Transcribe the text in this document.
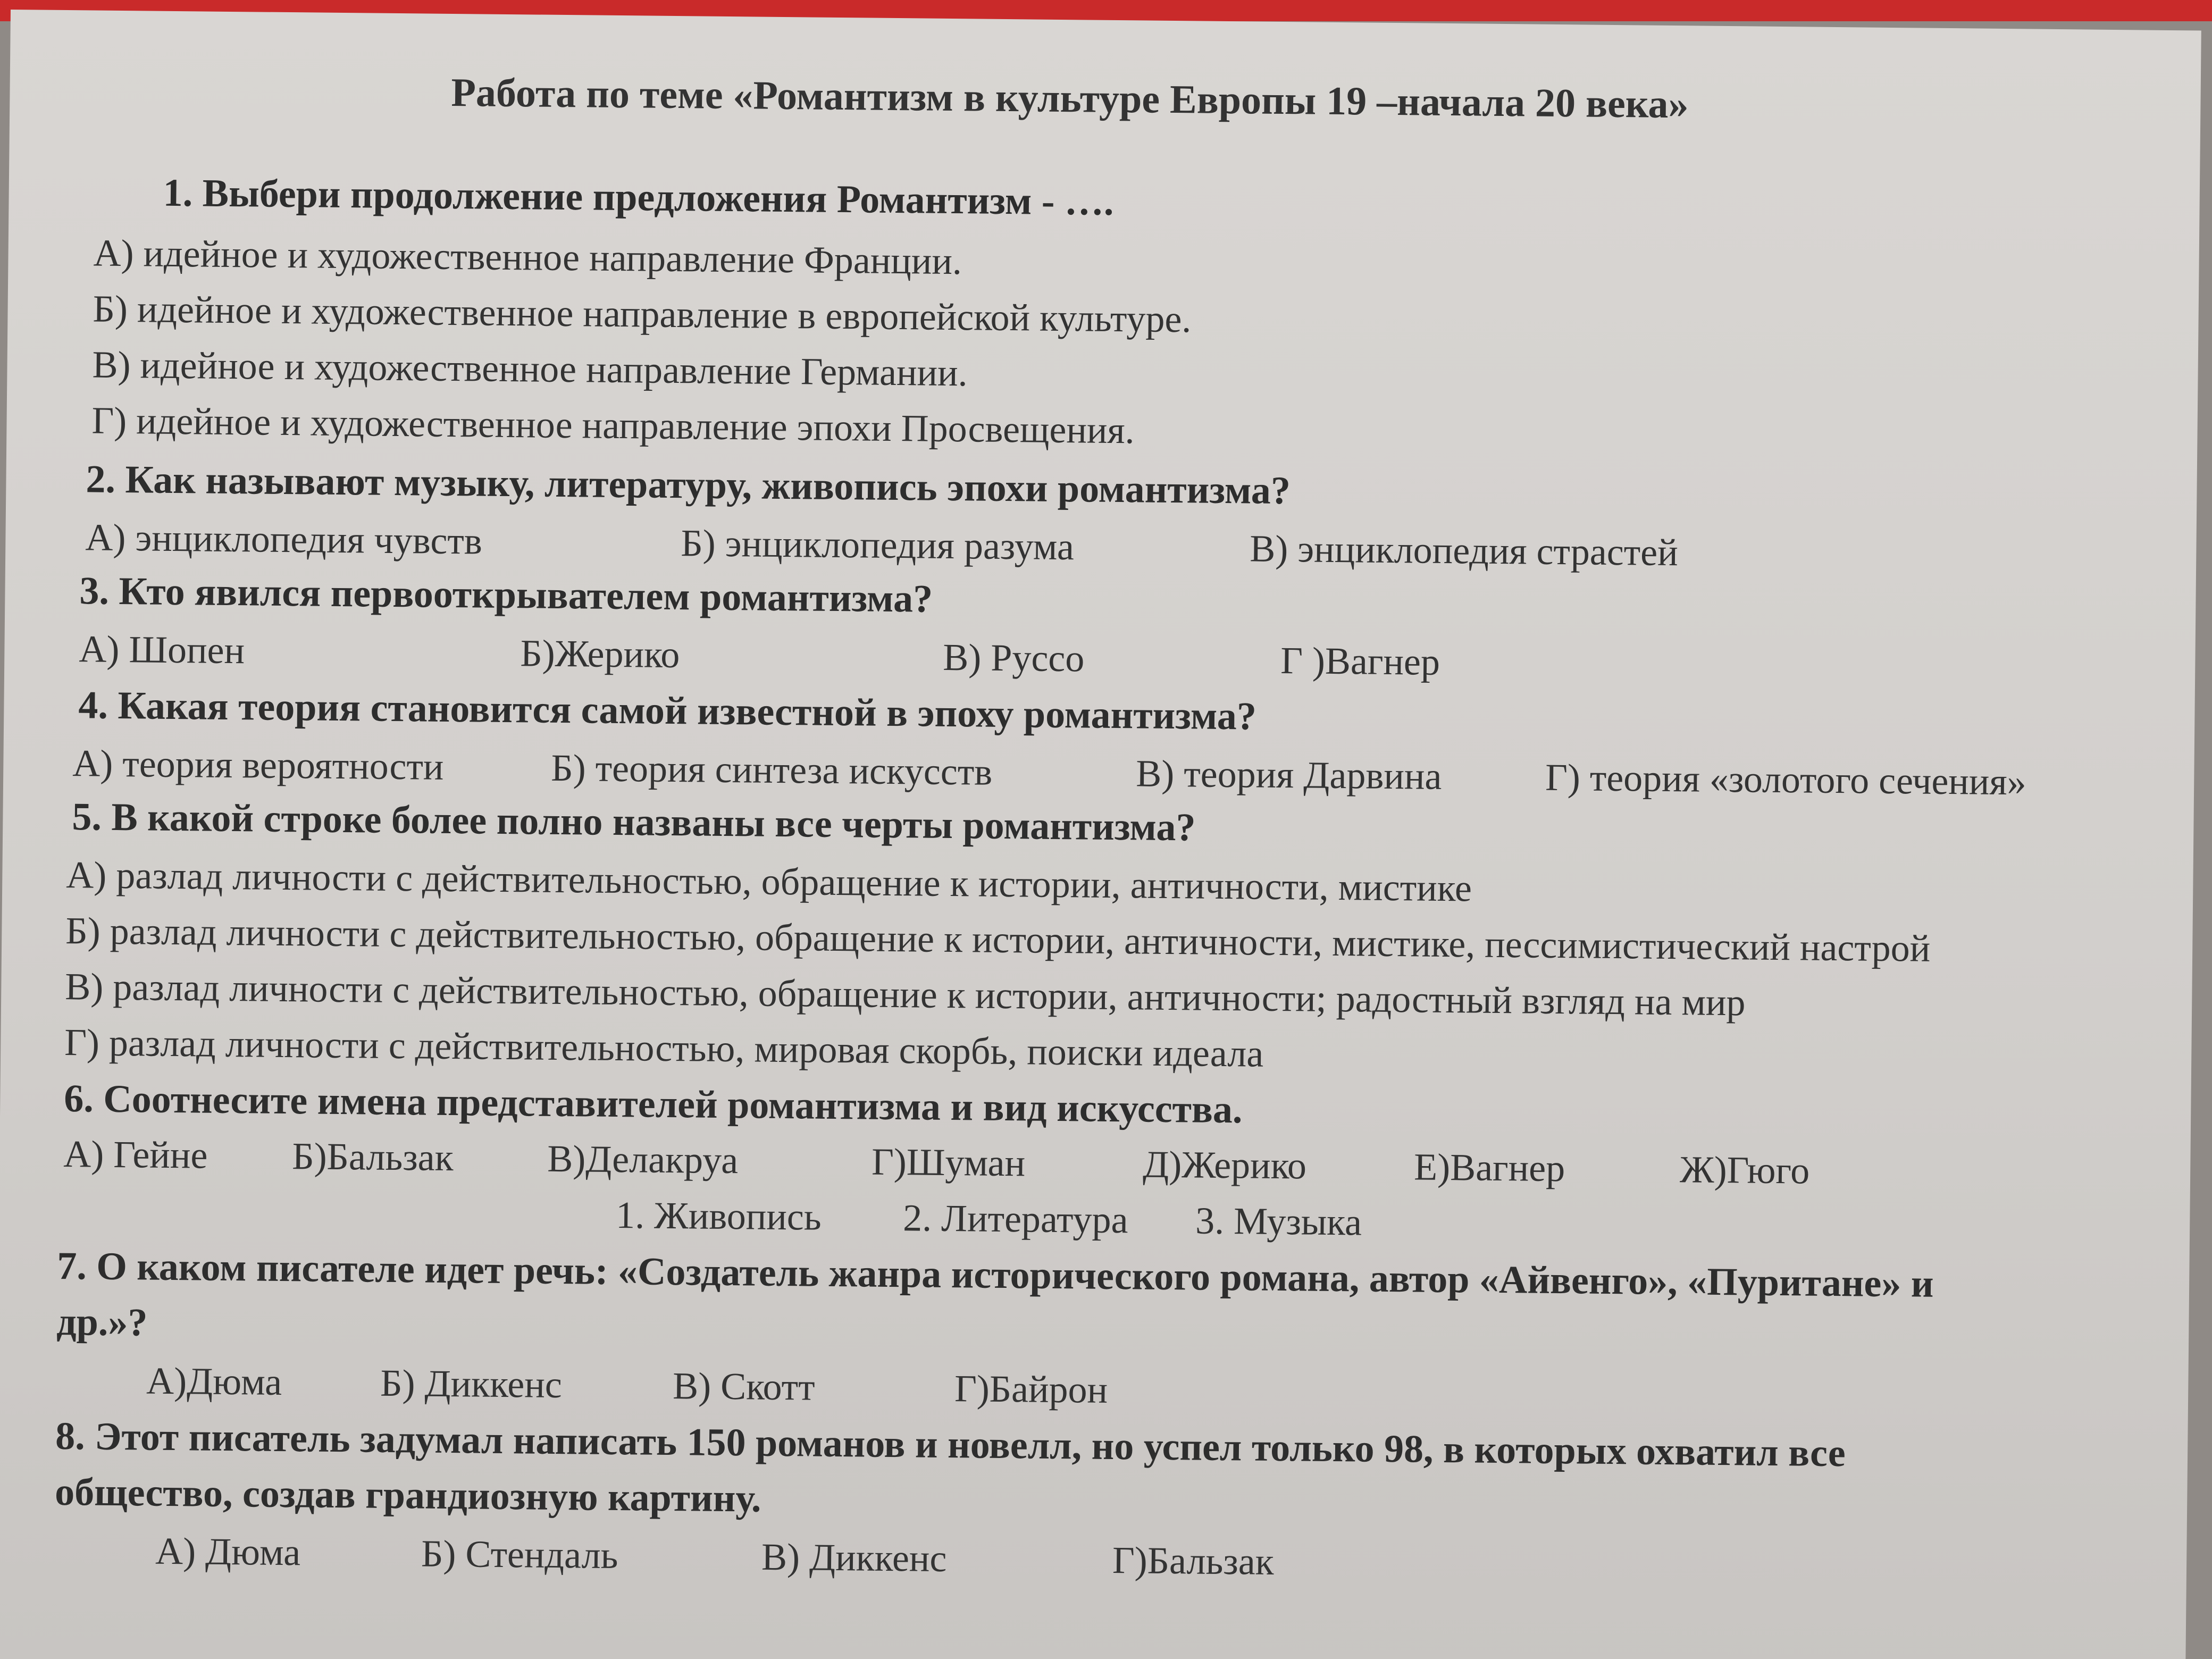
Работа по теме «Романтизм в культуре Европы 19 –начала 20 века»
1. Выбери продолжение предложения Романтизм - ….
А) идейное и художественное направление Франции.
Б) идейное и художественное направление в европейской культуре.
В) идейное и художественное направление Германии.
Г) идейное и художественное направление эпохи Просвещения.
2. Как называют музыку, литературу, живопись эпохи романтизма?
А) энциклопедия чувств	Б) энциклопедия разума	В) энциклопедия страстей
3. Кто явился первооткрывателем романтизма?
А) Шопен	Б)Жерико	В) Руссо	Г )Вагнер
4. Какая теория становится самой известной в эпоху романтизма?
А) теория вероятности	Б) теория синтеза искусств	В) теория Дарвина	Г) теория «золотого сечения»
5. В какой строке более полно названы все черты романтизма?
А) разлад личности с действительностью, обращение к истории, античности, мистике
Б) разлад личности с действительностью, обращение к истории, античности, мистике, пессимистический настрой
В) разлад личности с действительностью, обращение к истории, античности; радостный взгляд на мир
Г) разлад личности с действительностью, мировая скорбь, поиски идеала
6. Соотнесите имена представителей романтизма и вид искусства.
А) Гейне Б)Бальзак В)Делакруа	Г)Шуман	Д)Жерико	Е)Вагнер	Ж)Гюго
1. Живопись 2. Литература 3. Музыка
7. О каком писателе идет речь: «Создатель жанра исторического романа, автор «Айвенго», «Пуритане» и
др.»?
А)Дюма	Б) Диккенс	В) Скотт	Г)Байрон
8. Этот писатель задумал написать 150 романов и новелл, но успел только 98, в которых охватил все
общество, создав грандиозную картину.
А) Дюма	Б) Стендаль	В) Диккенс	Г)Бальзак
